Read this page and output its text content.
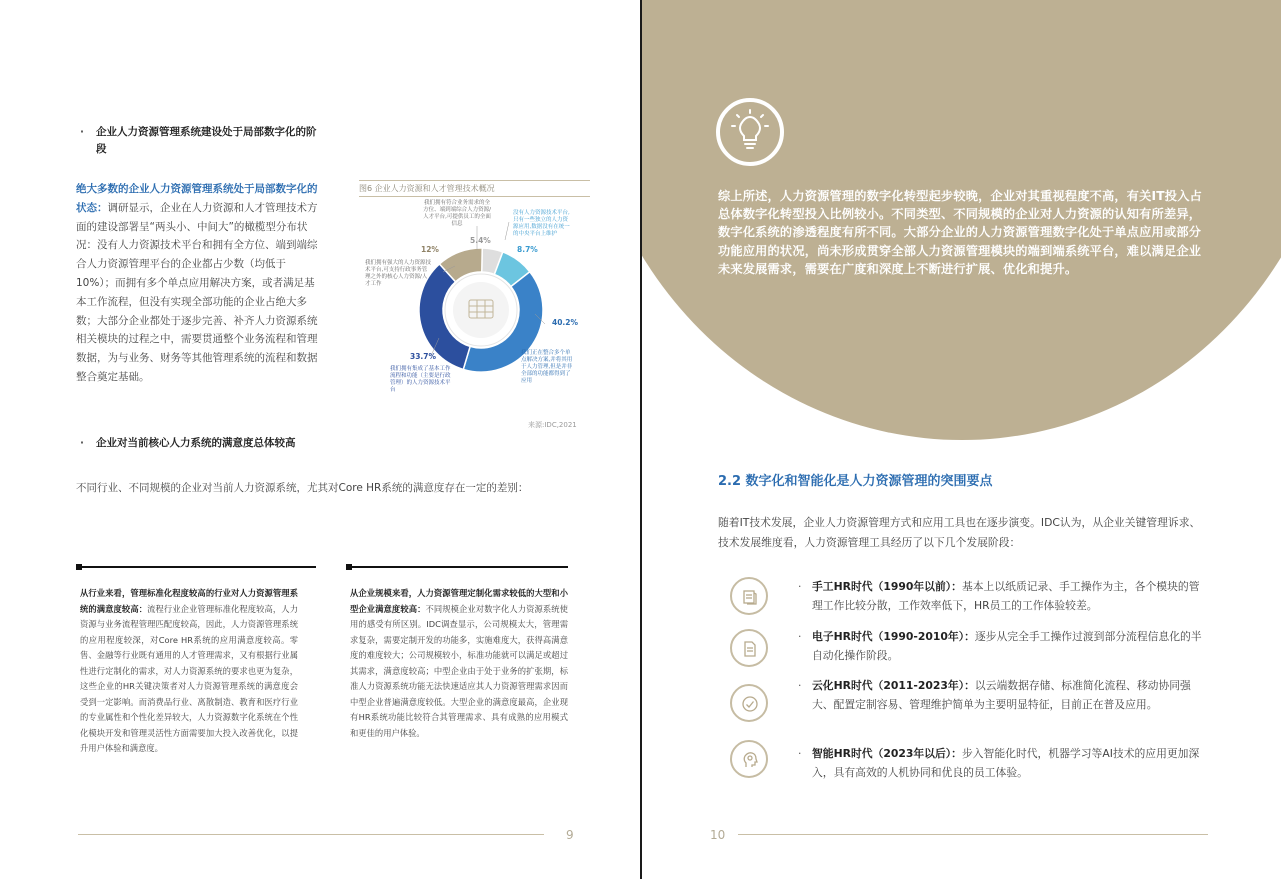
· 企业人力资源管理系统建设处于局部数字化的阶段
绝大多数的企业人力资源管理系统处于局部数字化的状态：调研显示，企业在人力资源和人才管理技术方面的建设部署呈“两头小、中间大”的橄榄型分布状况：没有人力资源技术平台和拥有全方位、端到端综合人力资源管理平台的企业都占少数（均低于10%）；而拥有多个单点应用解决方案，或者满足基本工作流程，但没有实现全部功能的企业占绝大多数；大部分企业都处于逐步完善、补齐人力资源系统相关模块的过程之中，需要贯通整个业务流程和管理数据，为与业务、财务等其他管理系统的流程和数据整合奠定基础。
图6 企业人力资源和人才管理技术概况
我们拥有符合业务需求的全方位、端到端综合人力资源/人才平台,可提供员工的全面信息
5.4%
没有人力资源技术平台,只有一些独立的人力资源应用,数据没有在统一的中央平台上维护
8.7%
40.2%
我们正在整合多个单点解决方案,并将其用于人力管理,但是并非全部的功能都得到了应用
33.7%
我们拥有集成了基本工作流程和功能（主要是行政管理）的人力资源技术平台
12%
我们拥有强大的人力资源技术平台,可支持行政事务管理之外的核心人力资源/人才工作
来源:IDC,2021
· 企业对当前核心人力系统的满意度总体较高
不同行业、不同规模的企业对当前人力资源系统，尤其对Core HR系统的满意度存在一定的差别：
从行业来看，管理标准化程度较高的行业对人力资源管理系统的满意度较高：流程行业企业管理标准化程度较高，人力资源与业务流程管理匹配度较高，因此，人力资源管理系统的应用程度较深，对Core HR系统的应用满意度较高。零售、金融等行业既有通用的人才管理需求，又有根据行业属性进行定制化的需求，对人力资源系统的要求也更为复杂，这些企业的HR关键决策者对人力资源管理系统的满意度会受到一定影响。而消费品行业、离散制造、教育和医疗行业的专业属性和个性化差异较大，人力资源数字化系统在个性化模块开发和管理灵活性方面需要加大投入改善优化，以提升用户体验和满意度。
从企业规模来看，人力资源管理定制化需求较低的大型和小型企业满意度较高：不同规模企业对数字化人力资源系统使用的感受有所区别。IDC调查显示，公司规模太大，管理需求复杂，需要定制开发的功能多，实施难度大，获得高满意度的难度较大；公司规模较小，标准功能就可以满足或超过其需求，满意度较高；中型企业由于处于业务的扩张期，标准人力资源系统功能无法快速适应其人力资源管理需求因而中型企业普遍满意度较低。大型企业的满意度最高，企业现有HR系统功能比较符合其管理需求、具有成熟的应用模式和更佳的用户体验。
9
综上所述，人力资源管理的数字化转型起步较晚，企业对其重视程度不高，有关IT投入占总体数字化转型投入比例较小。不同类型、不同规模的企业对人力资源的认知有所差异，数字化系统的渗透程度有所不同。大部分企业的人力资源管理数字化处于单点应用或部分功能应用的状况，尚未形成贯穿全部人力资源管理模块的端到端系统平台，难以满足企业未来发展需求，需要在广度和深度上不断进行扩展、优化和提升。
2.2 数字化和智能化是人力资源管理的突围要点
随着IT技术发展，企业人力资源管理方式和应用工具也在逐步演变。IDC认为，从企业关键管理诉求、技术发展维度看，人力资源管理工具经历了以下几个发展阶段：
· 手工HR时代（1990年以前）：基本上以纸质记录、手工操作为主，各个模块的管理工作比较分散，工作效率低下，HR员工的工作体验较差。
· 电子HR时代（1990-2010年）：逐步从完全手工操作过渡到部分流程信息化的半自动化操作阶段。
· 云化HR时代（2011-2023年）：以云端数据存储、标准简化流程、移动协同强大、配置定制容易、管理维护简单为主要明显特征，目前正在普及应用。
· 智能HR时代（2023年以后）：步入智能化时代，机器学习等AI技术的应用更加深入，具有高效的人机协同和优良的员工体验。
10
